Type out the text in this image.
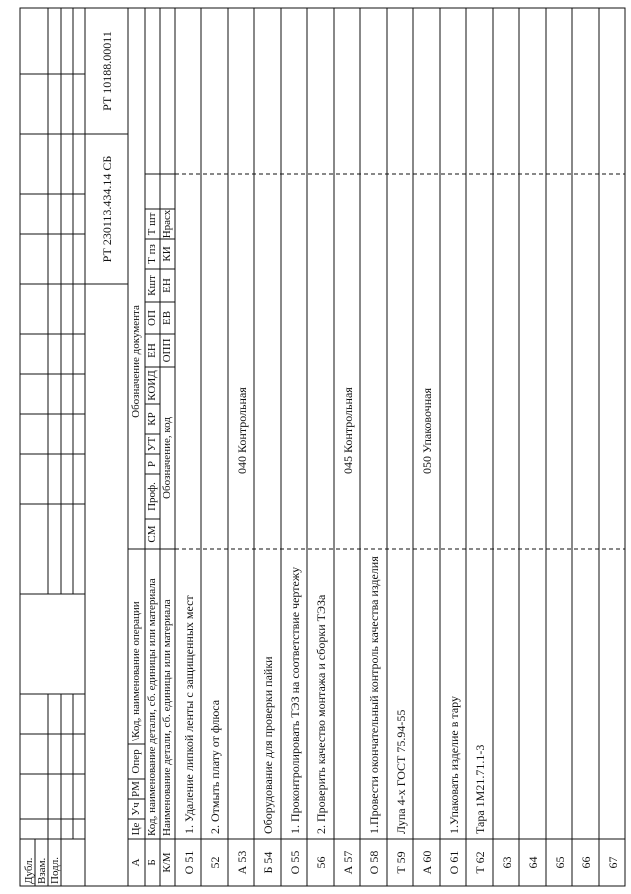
Дубл. Взам. Подл.
РТ 230113.434.14 СБ
РТ 10188.00011
Це
Уч
РМ
Опер
\Код, наименование операции
Обозначение документа
Код, наименование детали, сб. единицы или материала
СМ
Проф.
Р
УТ
КР
КОИД
ЕН
ОП
Кшт
Т пз
Т шт
Наименование детали, сб. единицы или материала
Обозначение, код
ОПП
ЕВ
ЕН
КИ
Нрасх
А Б К/М О 51
1. Удаление липкой ленты с защищенных мест
52
2. Отмыть плату от флюса
А 53
040 Контрольная
Б 54
Оборудование для проверки пайки
О 55
1. Проконтролировать ТЭЗ на соответствие чертежу
56
2. Проверить качество монтажа и сборки ТЭЗа
А 57
045 Контрольная
О 58
1.Провести окончательный контроль качества изделия
Т 59
Лупа 4-х ГОСТ 75.94-55
А 60
050 Упаковочная
О 61
1.Упаковать изделие в тару
Т 62
Тара 1М21.71.1-3
63 64 65 66 67
